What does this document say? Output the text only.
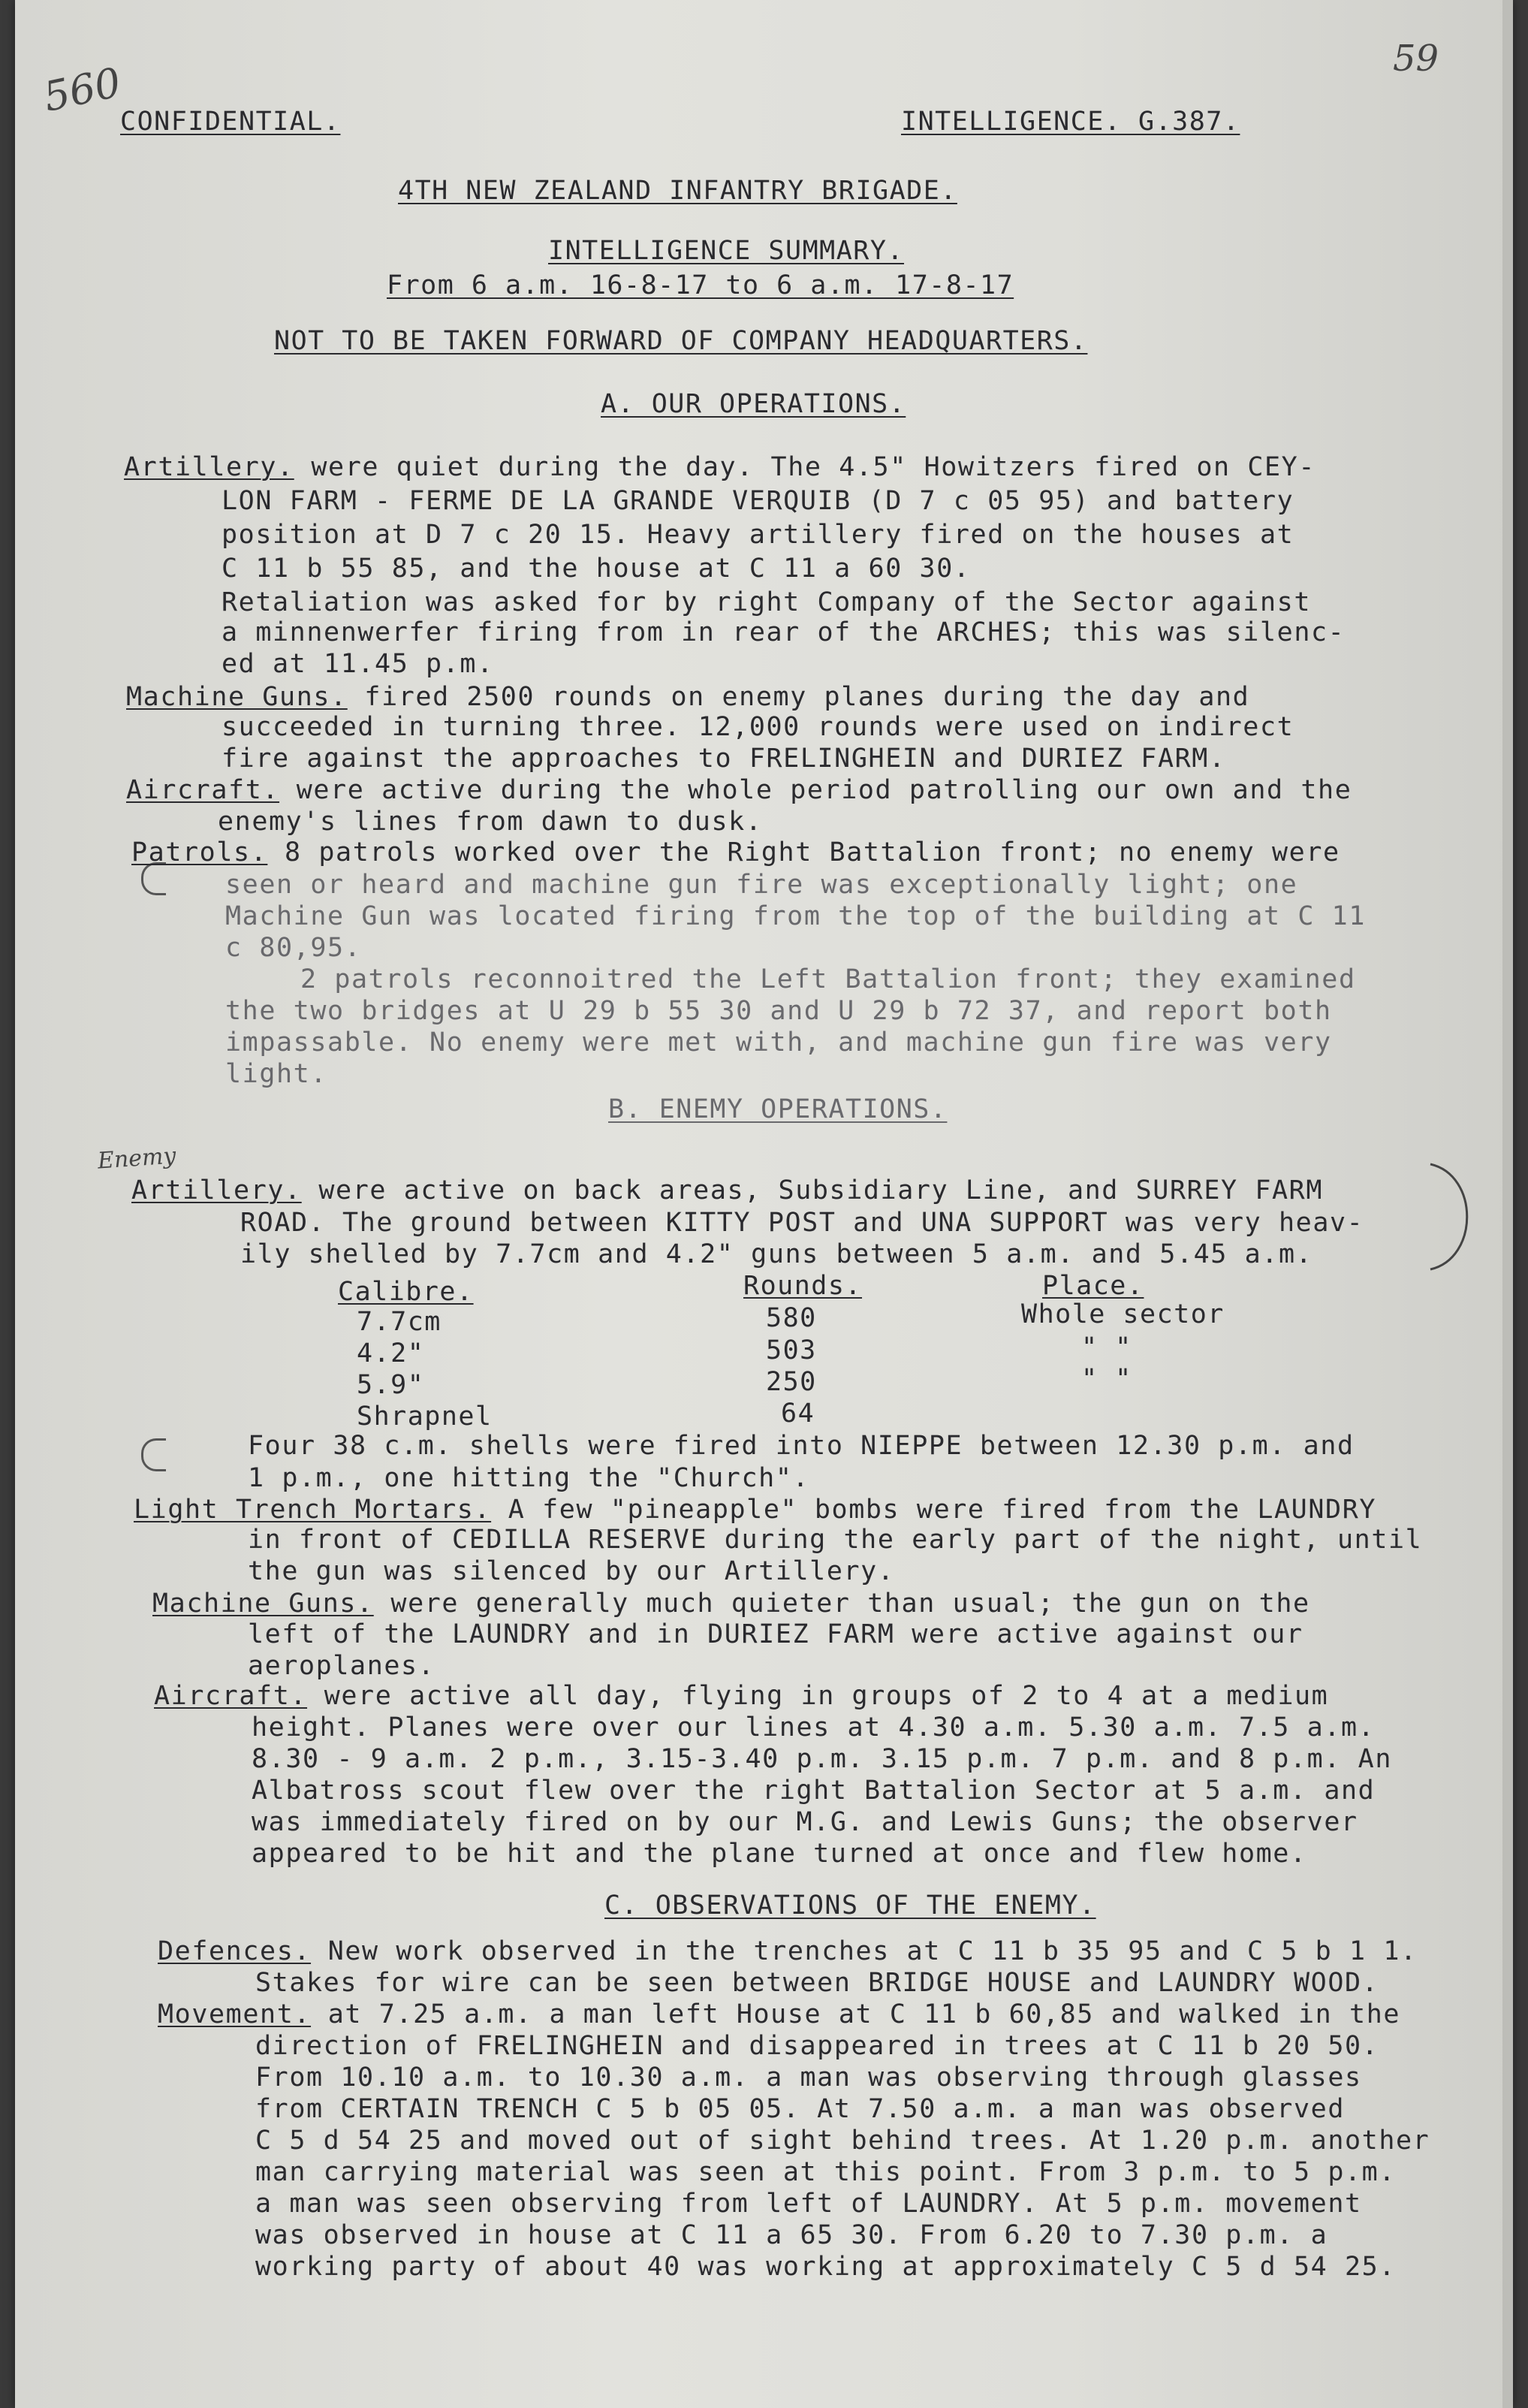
560	59
Enemy
CONFIDENTIAL.	INTELLIGENCE. G.387.
4TH NEW ZEALAND INFANTRY BRIGADE.
INTELLIGENCE SUMMARY.
From 6 a.m. 16-8-17 to 6 a.m. 17-8-17
NOT TO BE TAKEN FORWARD OF COMPANY HEADQUARTERS.
A. OUR OPERATIONS.
Artillery. were quiet during the day. The 4.5" Howitzers fired on CEY-
LON FARM - FERME DE LA GRANDE VERQUIB (D 7 c 05 95) and battery
position at D 7 c 20 15. Heavy artillery fired on the houses at
C 11 b 55 85, and the house at C 11 a 60 30.
Retaliation was asked for by right Company of the Sector against
a minnenwerfer firing from in rear of the ARCHES; this was silenc-
ed at 11.45 p.m.
Machine Guns. fired 2500 rounds on enemy planes during the day and
succeeded in turning three. 12,000 rounds were used on indirect
fire against the approaches to FRELINGHEIN and DURIEZ FARM.
Aircraft. were active during the whole period patrolling our own and the
enemy's lines from dawn to dusk.
Patrols. 8 patrols worked over the Right Battalion front; no enemy were
seen or heard and machine gun fire was exceptionally light; one
Machine Gun was located firing from the top of the building at C 11
c 80,95.
2 patrols reconnoitred the Left Battalion front; they examined
the two bridges at U 29 b 55 30 and U 29 b 72 37, and report both
impassable. No enemy were met with, and machine gun fire was very
light.
B. ENEMY OPERATIONS.
Artillery. were active on back areas, Subsidiary Line, and SURREY FARM
ROAD. The ground between KITTY POST and UNA SUPPORT was very heav-
ily shelled by 7.7cm and 4.2" guns between 5 a.m. and 5.45 a.m.
Calibre.	Rounds.	Place.
7.7cm	580	Whole sector
4.2"	503	" "
5.9"	250	" "
Shrapnel	64
Four 38 c.m. shells were fired into NIEPPE between 12.30 p.m. and
1 p.m., one hitting the "Church".
Light Trench Mortars. A few "pineapple" bombs were fired from the LAUNDRY
in front of CEDILLA RESERVE during the early part of the night, until
the gun was silenced by our Artillery.
Machine Guns. were generally much quieter than usual; the gun on the
left of the LAUNDRY and in DURIEZ FARM were active against our
aeroplanes.
Aircraft. were active all day, flying in groups of 2 to 4 at a medium
height. Planes were over our lines at 4.30 a.m. 5.30 a.m. 7.5 a.m.
8.30 - 9 a.m. 2 p.m., 3.15-3.40 p.m. 3.15 p.m. 7 p.m. and 8 p.m. An
Albatross scout flew over the right Battalion Sector at 5 a.m. and
was immediately fired on by our M.G. and Lewis Guns; the observer
appeared to be hit and the plane turned at once and flew home.
C. OBSERVATIONS OF THE ENEMY.
Defences. New work observed in the trenches at C 11 b 35 95 and C 5 b 1 1.
Stakes for wire can be seen between BRIDGE HOUSE and LAUNDRY WOOD.
Movement. at 7.25 a.m. a man left House at C 11 b 60,85 and walked in the
direction of FRELINGHEIN and disappeared in trees at C 11 b 20 50.
From 10.10 a.m. to 10.30 a.m. a man was observing through glasses
from CERTAIN TRENCH C 5 b 05 05. At 7.50 a.m. a man was observed
C 5 d 54 25 and moved out of sight behind trees. At 1.20 p.m. another
man carrying material was seen at this point. From 3 p.m. to 5 p.m.
a man was seen observing from left of LAUNDRY. At 5 p.m. movement
was observed in house at C 11 a 65 30. From 6.20 to 7.30 p.m. a
working party of about 40 was working at approximately C 5 d 54 25.
